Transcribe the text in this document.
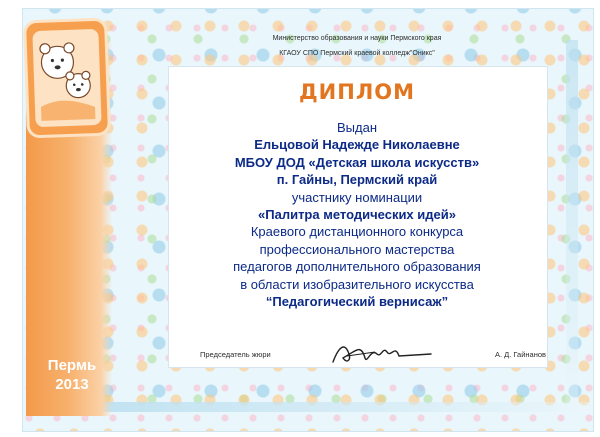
Министерство образования и науки Пермского края
КГАОУ СПО Пермский краевой колледж"Оникс"
ДИПЛОМ
Выдан
Ельцовой Надежде Николаевне
МБОУ ДОД «Детская школа искусств»
п. Гайны, Пермский край
участнику номинации
«Палитра методических идей»
Краевого дистанционного конкурса
профессионального мастерства
педагогов дополнительного образования
в области изобразительного искусства
“Педагогический вернисаж”
Председатель жюри	А. Д. Гайнанов
Пермь
2013
